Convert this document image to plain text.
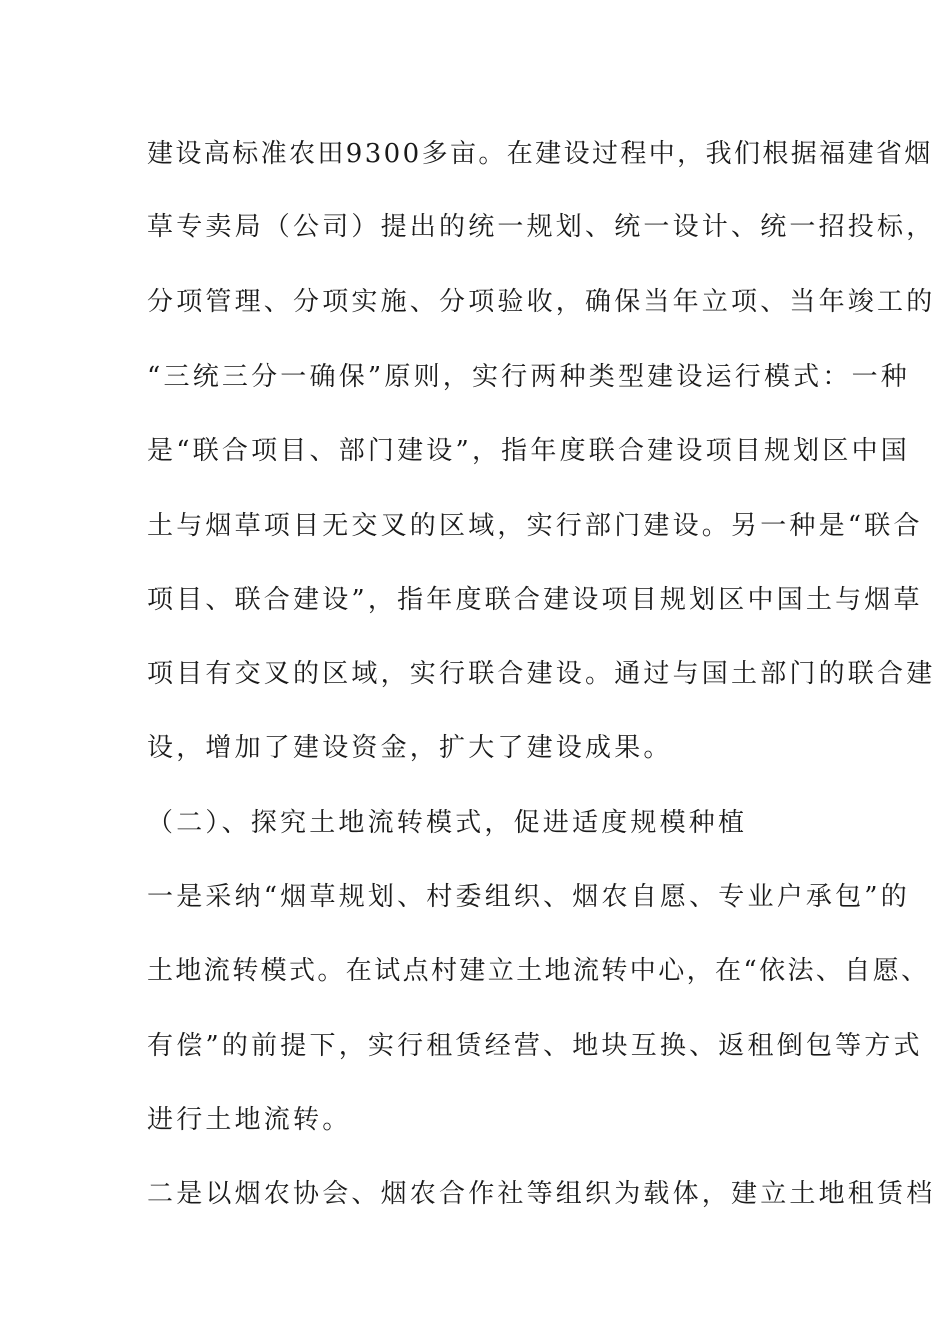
建设高标准农田9300多亩。在建设过程中，我们根据福建省烟
草专卖局（公司）提出的统一规划、统一设计、统一招投标，
分项管理、分项实施、分项验收，确保当年立项、当年竣工的
“三统三分一确保”原则，实行两种类型建设运行模式：一种
是“联合项目、部门建设”，指年度联合建设项目规划区中国
土与烟草项目无交叉的区域，实行部门建设。另一种是“联合
项目、联合建设”，指年度联合建设项目规划区中国土与烟草
项目有交叉的区域，实行联合建设。通过与国土部门的联合建
设，增加了建设资金，扩大了建设成果。
（二）、探究土地流转模式，促进适度规模种植
一是采纳“烟草规划、村委组织、烟农自愿、专业户承包”的
土地流转模式。在试点村建立土地流转中心，在“依法、自愿、
有偿”的前提下，实行租赁经营、地块互换、返租倒包等方式
进行土地流转。
二是以烟农协会、烟农合作社等组织为载体，建立土地租赁档
